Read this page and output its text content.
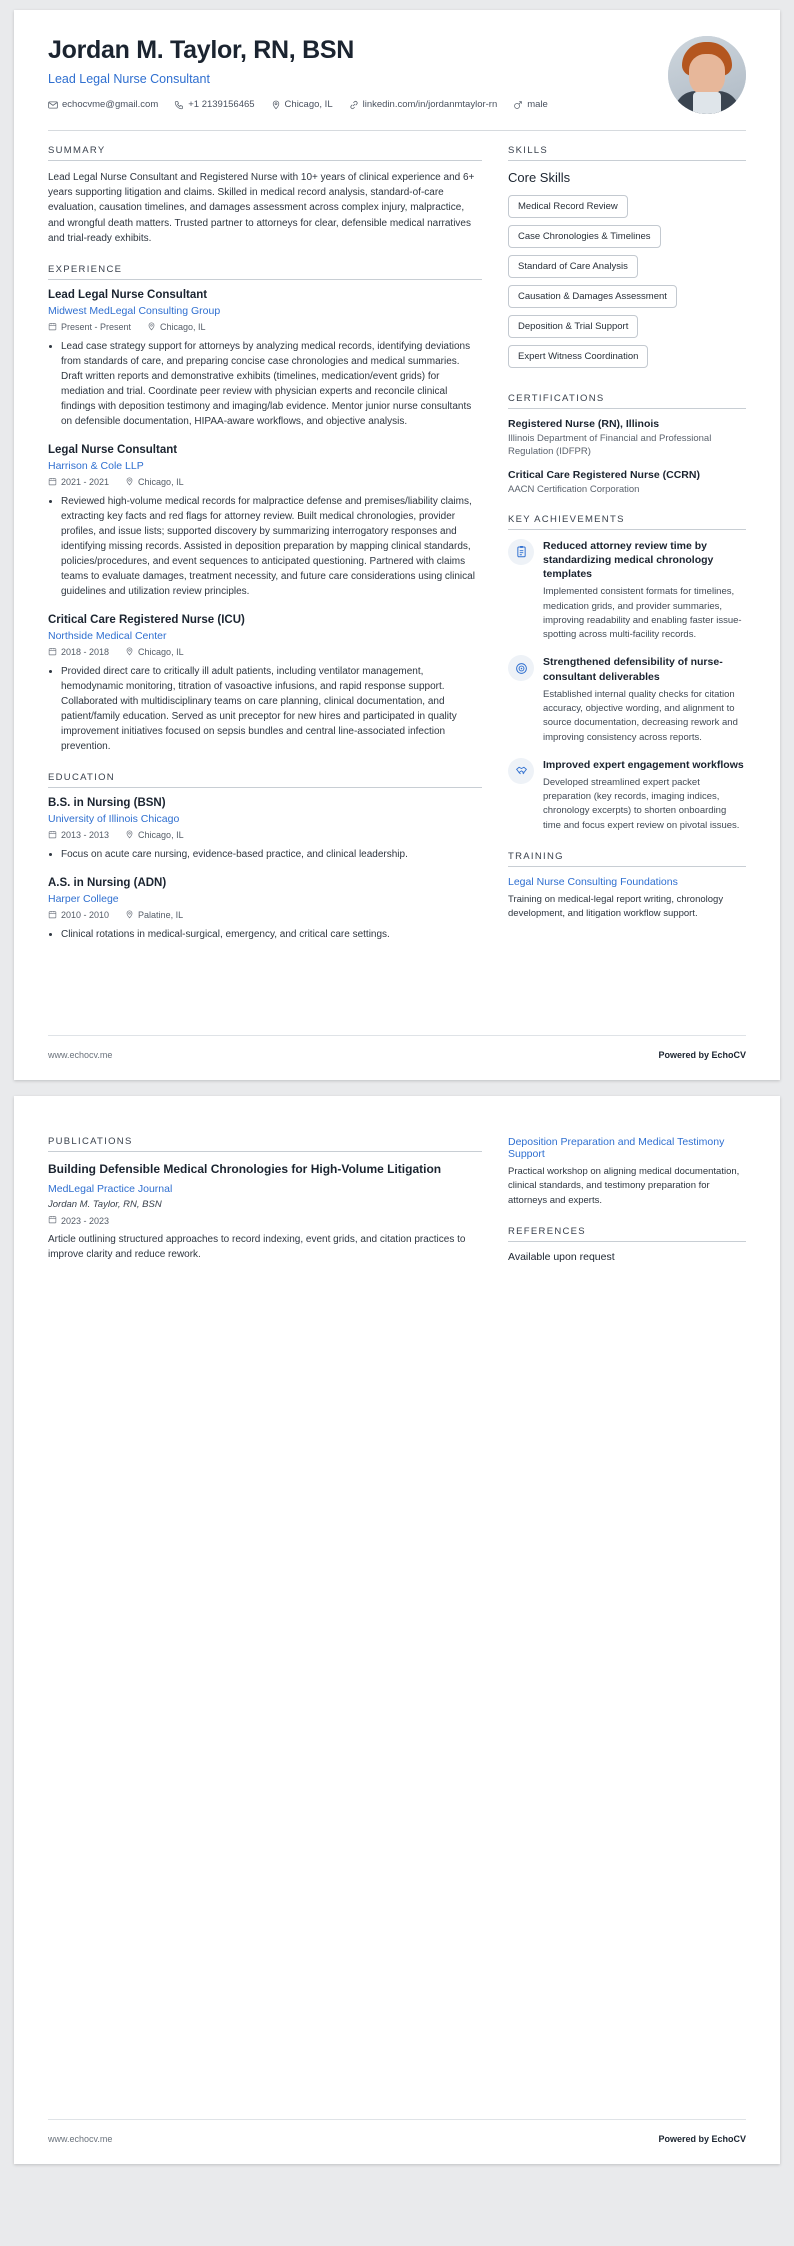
Jordan M. Taylor, RN, BSN
Lead Legal Nurse Consultant
echocvme@gmail.com	+1 2139156465	Chicago, IL	linkedin.com/in/jordanmtaylor-rn	male
SUMMARY

Lead Legal Nurse Consultant and Registered Nurse with 10+ years of clinical experience and 6+ years supporting litigation and claims. Skilled in medical record analysis, standard-of-care evaluation, causation timelines, and damages assessment across complex injury, malpractice, and wrongful death matters. Trusted partner to attorneys for clear, defensible medical narratives and trial-ready exhibits.

EXPERIENCE
Lead Legal Nurse Consultant
Midwest MedLegal Consulting Group
Present - Present	Chicago, IL
• Lead case strategy support for attorneys by analyzing medical records, identifying deviations from standards of care, and preparing concise case chronologies and medical summaries. Draft written reports and demonstrative exhibits (timelines, medication/event grids) for mediation and trial. Coordinate peer review with physician experts and reconcile clinical findings with deposition testimony and imaging/lab evidence. Mentor junior nurse consultants on defensible documentation, HIPAA-aware workflows, and objective analysis.
Legal Nurse Consultant
Harrison & Cole LLP
2021 - 2021	Chicago, IL
• Reviewed high-volume medical records for malpractice defense and premises/liability claims, extracting key facts and red flags for attorney review. Built medical chronologies, provider profiles, and issue lists; supported discovery by summarizing interrogatory responses and identifying missing records. Assisted in deposition preparation by mapping clinical standards, policies/procedures, and event sequences to anticipated questioning. Partnered with claims teams to evaluate damages, treatment necessity, and future care considerations using clinical guidelines and utilization review principles.
Critical Care Registered Nurse (ICU)
Northside Medical Center
2018 - 2018	Chicago, IL
• Provided direct care to critically ill adult patients, including ventilator management, hemodynamic monitoring, titration of vasoactive infusions, and rapid response support. Collaborated with multidisciplinary teams on care planning, clinical documentation, and patient/family education. Served as unit preceptor for new hires and participated in quality improvement initiatives focused on sepsis bundles and central line-associated infection prevention.
EDUCATION
B.S. in Nursing (BSN)
University of Illinois Chicago
2013 - 2013	Chicago, IL
• Focus on acute care nursing, evidence-based practice, and clinical leadership.
A.S. in Nursing (ADN)
Harper College
2010 - 2010	Palatine, IL
• Clinical rotations in medical-surgical, emergency, and critical care settings.
SKILLS
Core Skills
Medical Record Review
Case Chronologies & Timelines
Standard of Care Analysis
Causation & Damages Assessment
Deposition & Trial Support
Expert Witness Coordination
CERTIFICATIONS
Registered Nurse (RN), Illinois
Illinois Department of Financial and Professional Regulation (IDFPR)
Critical Care Registered Nurse (CCRN)
AACN Certification Corporation
KEY ACHIEVEMENTS
Reduced attorney review time by standardizing medical chronology templates
Implemented consistent formats for timelines, medication grids, and provider summaries, improving readability and enabling faster issue-spotting across multi-facility records.
Strengthened defensibility of nurse-consultant deliverables
Established internal quality checks for citation accuracy, objective wording, and alignment to source documentation, decreasing rework and improving consistency across reports.
Improved expert engagement workflows
Developed streamlined expert packet preparation (key records, imaging indices, chronology excerpts) to shorten onboarding time and focus expert review on pivotal issues.
TRAINING
Legal Nurse Consulting Foundations
Training on medical-legal report writing, chronology development, and litigation workflow support.
www.echocv.me	Powered by EchoCV
PUBLICATIONS
Building Defensible Medical Chronologies for High-Volume Litigation
MedLegal Practice Journal
Jordan M. Taylor, RN, BSN
2023 - 2023
Article outlining structured approaches to record indexing, event grids, and citation practices to improve clarity and reduce rework.
Deposition Preparation and Medical Testimony Support
Practical workshop on aligning medical documentation, clinical standards, and testimony preparation for attorneys and experts.
REFERENCES
Available upon request
www.echocv.me	Powered by EchoCV
